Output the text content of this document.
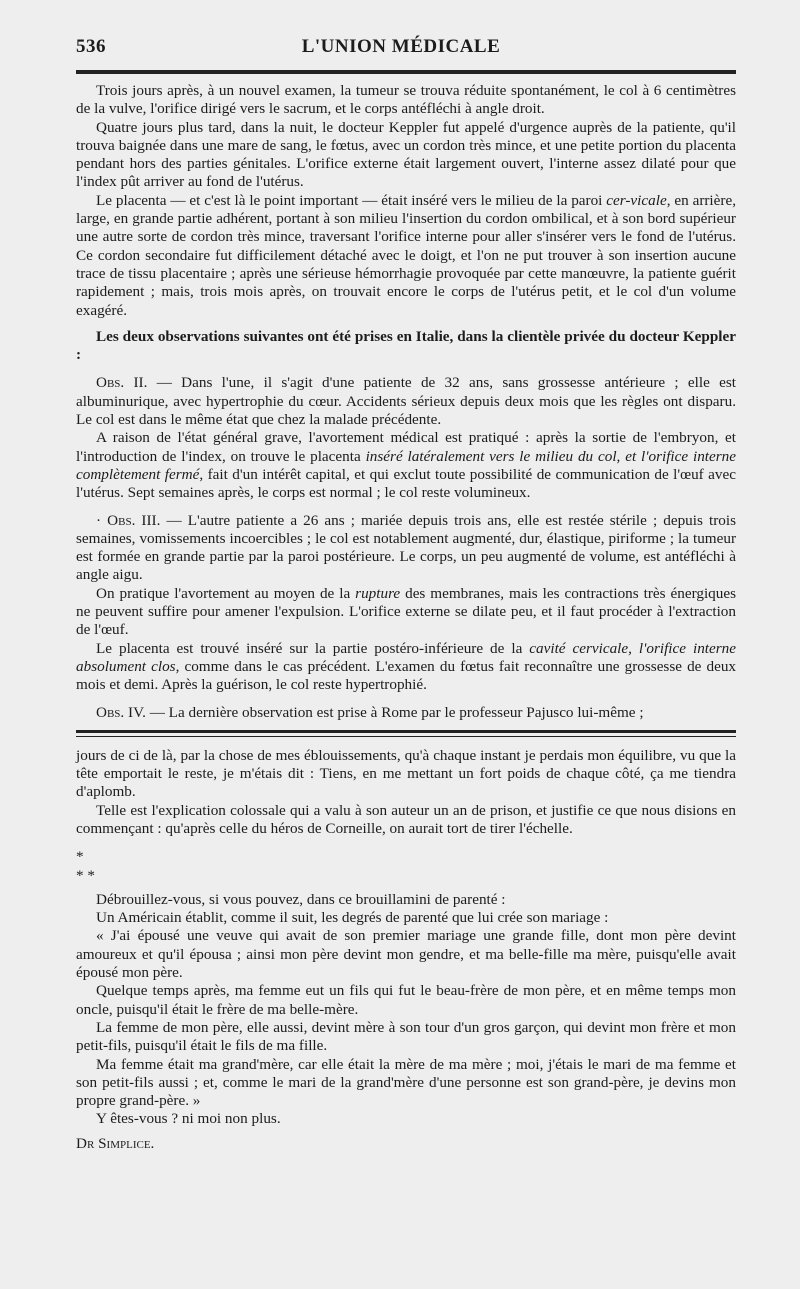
536	L'UNION MÉDICALE

Trois jours après, à un nouvel examen, la tumeur se trouva réduite spontanément, le col à 6 centimètres de la vulve, l'orifice dirigé vers le sacrum, et le corps antéfléchi à angle droit.

Quatre jours plus tard, dans la nuit, le docteur Keppler fut appelé d'urgence auprès de la patiente, qu'il trouva baignée dans une mare de sang, le fœtus, avec un cordon très mince, et une petite portion du placenta pendant hors des parties génitales. L'orifice externe était largement ouvert, l'interne assez dilaté pour que l'index pût arriver au fond de l'utérus.

Le placenta — et c'est là le point important — était inséré vers le milieu de la paroi cer-vicale, en arrière, large, en grande partie adhérent, portant à son milieu l'insertion du cordon ombilical, et à son bord supérieur une autre sorte de cordon très mince, traversant l'orifice interne pour aller s'insérer vers le fond de l'utérus. Ce cordon secondaire fut difficilement détaché avec le doigt, et l'on ne put trouver à son insertion aucune trace de tissu placentaire ; après une sérieuse hémorrhagie provoquée par cette manœuvre, la patiente guérit rapidement ; mais, trois mois après, on trouvait encore le corps de l'utérus petit, et le col d'un volume exagéré.

Les deux observations suivantes ont été prises en Italie, dans la clientèle privée du docteur Keppler :

Obs. II. — Dans l'une, il s'agit d'une patiente de 32 ans, sans grossesse antérieure ; elle est albuminurique, avec hypertrophie du cœur. Accidents sérieux depuis deux mois que les règles ont disparu. Le col est dans le même état que chez la malade précédente.

A raison de l'état général grave, l'avortement médical est pratiqué : après la sortie de l'embryon, et l'introduction de l'index, on trouve le placenta inséré latéralement vers le milieu du col, et l'orifice interne complètement fermé, fait d'un intérêt capital, et qui exclut toute possibilité de communication de l'œuf avec l'utérus. Sept semaines après, le corps est normal ; le col reste volumineux.

· Obs. III. — L'autre patiente a 26 ans ; mariée depuis trois ans, elle est restée stérile ; depuis trois semaines, vomissements incoercibles ; le col est notablement augmenté, dur, élastique, piriforme ; la tumeur est formée en grande partie par la paroi postérieure. Le corps, un peu augmenté de volume, est antéfléchi à angle aigu.

On pratique l'avortement au moyen de la rupture des membranes, mais les contractions très énergiques ne peuvent suffire pour amener l'expulsion. L'orifice externe se dilate peu, et il faut procéder à l'extraction de l'œuf.

Le placenta est trouvé inséré sur la partie postéro-inférieure de la cavité cervicale, l'orifice interne absolument clos, comme dans le cas précédent. L'examen du fœtus fait reconnaître une grossesse de deux mois et demi. Après la guérison, le col reste hypertrophié.

Obs. IV. — La dernière observation est prise à Rome par le professeur Pajusco lui-même ;

jours de ci de là, par la chose de mes éblouissements, qu'à chaque instant je perdais mon équilibre, vu que la tête emportait le reste, je m'étais dit : Tiens, en me mettant un fort poids de chaque côté, ça me tiendra d'aplomb.

Telle est l'explication colossale qui a valu à son auteur un an de prison, et justifie ce que nous disions en commençant : qu'après celle du héros de Corneille, on aurait tort de tirer l'échelle.

*
* *

Débrouillez-vous, si vous pouvez, dans ce brouillamini de parenté :

Un Américain établit, comme il suit, les degrés de parenté que lui crée son mariage :

« J'ai épousé une veuve qui avait de son premier mariage une grande fille, dont mon père devint amoureux et qu'il épousa ; ainsi mon père devint mon gendre, et ma belle-fille ma mère, puisqu'elle avait épousé mon père.

Quelque temps après, ma femme eut un fils qui fut le beau-frère de mon père, et en même temps mon oncle, puisqu'il était le frère de ma belle-mère.

La femme de mon père, elle aussi, devint mère à son tour d'un gros garçon, qui devint mon frère et mon petit-fils, puisqu'il était le fils de ma fille.

Ma femme était ma grand'mère, car elle était la mère de ma mère ; moi, j'étais le mari de ma femme et son petit-fils aussi ; et, comme le mari de la grand'mère d'une personne est son grand-père, je devins mon propre grand-père. »

Y êtes-vous ? ni moi non plus.

Dr Simplice.
